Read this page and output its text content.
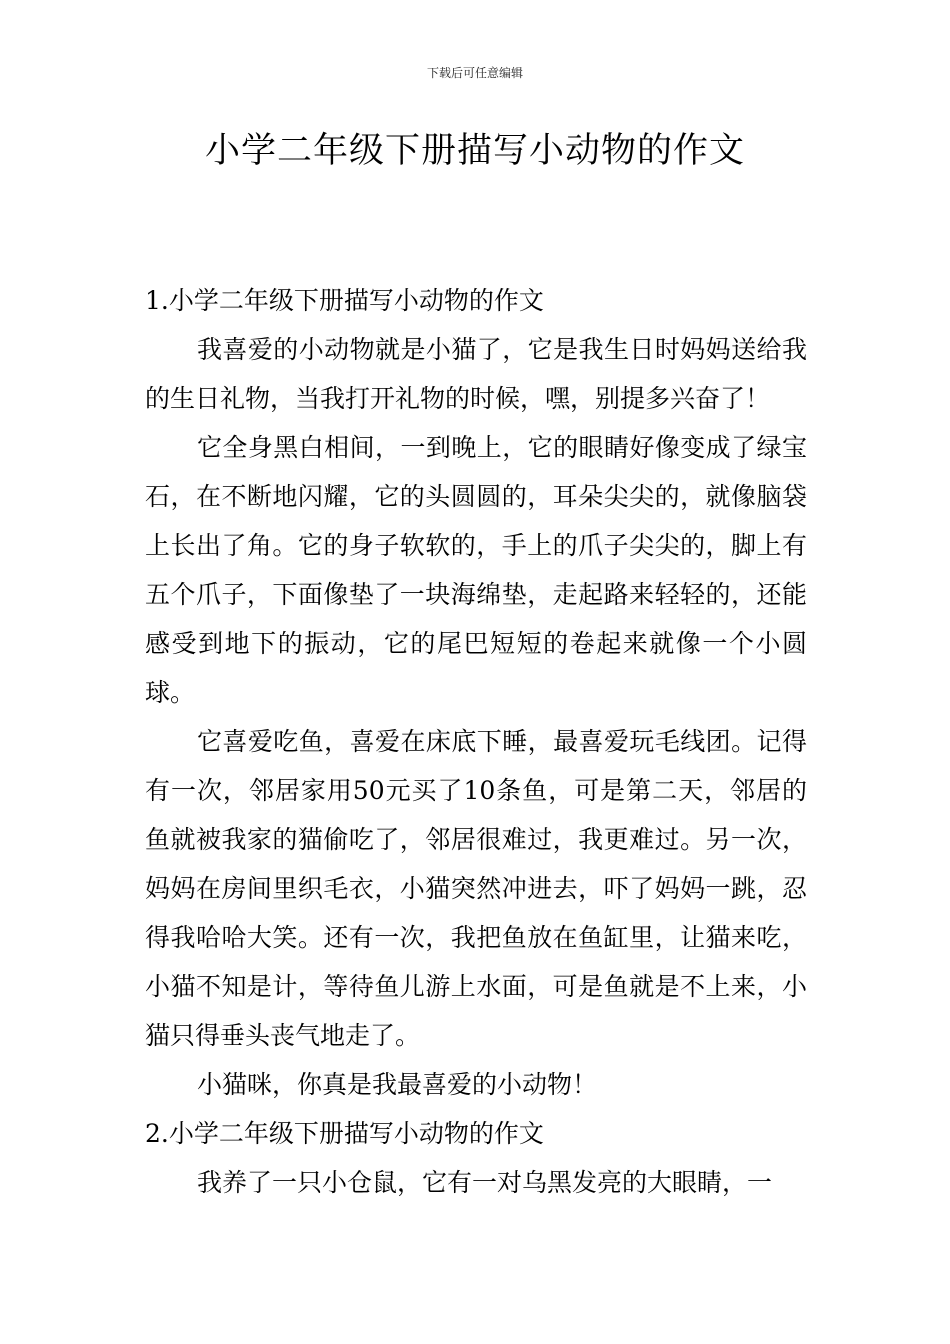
下载后可任意编辑
小学二年级下册描写小动物的作文

1.小学二年级下册描写小动物的作文

我喜爱的小动物就是小猫了，它是我生日时妈妈送给我的生日礼物，当我打开礼物的时候，嘿，别提多兴奋了！

它全身黑白相间，一到晚上，它的眼睛好像变成了绿宝石，在不断地闪耀，它的头圆圆的，耳朵尖尖的，就像脑袋上长出了角。它的身子软软的，手上的爪子尖尖的，脚上有五个爪子，下面像垫了一块海绵垫，走起路来轻轻的，还能感受到地下的振动，它的尾巴短短的卷起来就像一个小圆球。

它喜爱吃鱼，喜爱在床底下睡，最喜爱玩毛线团。记得有一次，邻居家用50元买了10条鱼，可是第二天，邻居的鱼就被我家的猫偷吃了，邻居很难过，我更难过。另一次，妈妈在房间里织毛衣，小猫突然冲进去，吓了妈妈一跳，忍得我哈哈大笑。还有一次，我把鱼放在鱼缸里，让猫来吃，小猫不知是计，等待鱼儿游上水面，可是鱼就是不上来，小猫只得垂头丧气地走了。

小猫咪，你真是我最喜爱的小动物！

2.小学二年级下册描写小动物的作文

我养了一只小仓鼠，它有一对乌黑发亮的大眼睛，一
